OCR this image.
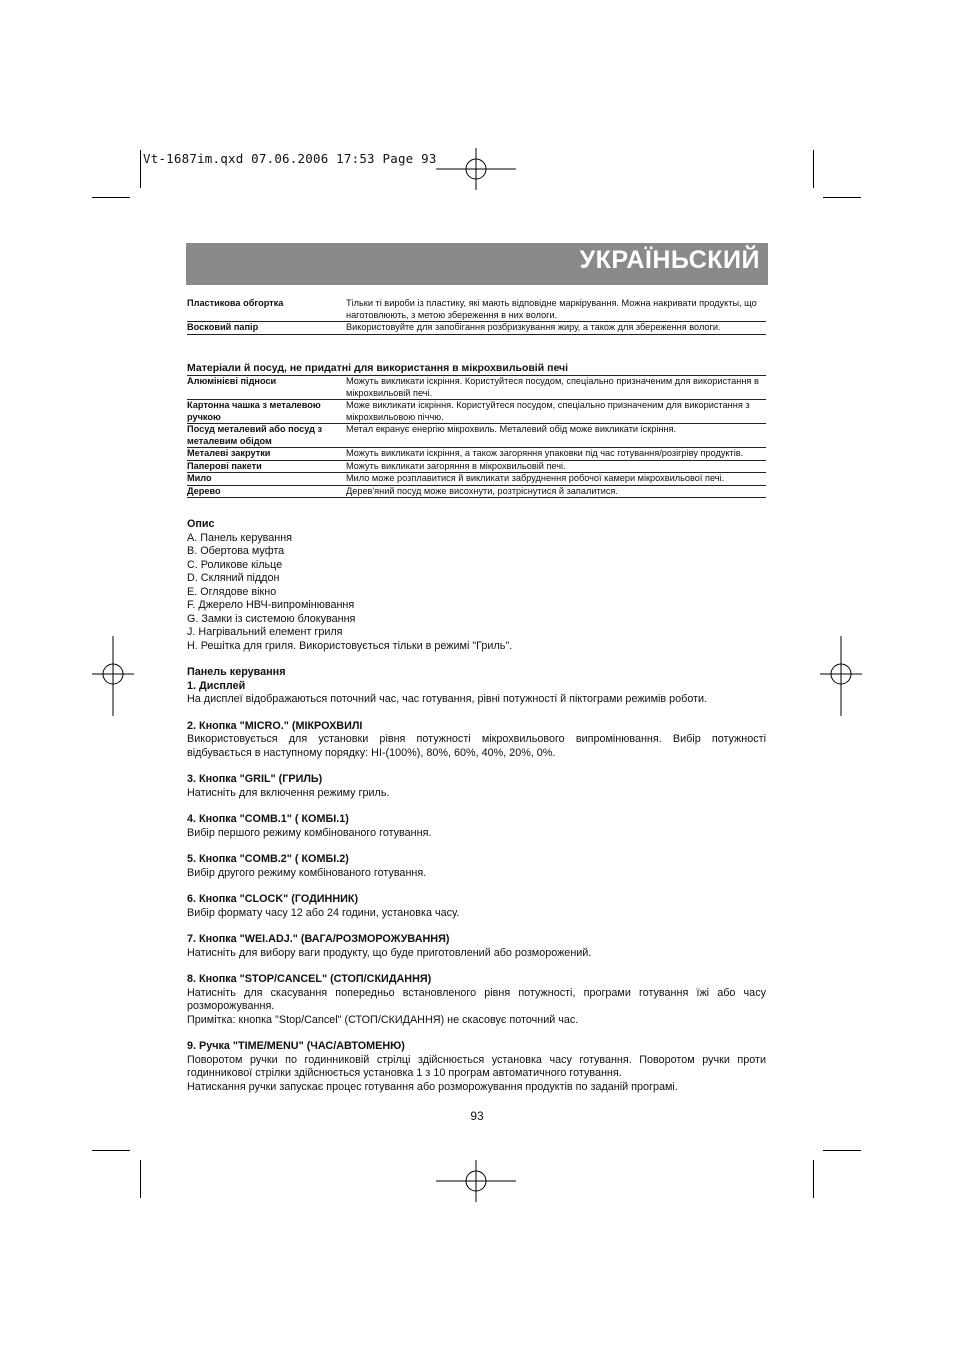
Vt-1687im.qxd 07.06.2006 17:53 Page 93
УКРАЇНЬСКИЙ
Пластикова обгортка	Тільки ті вироби із пластику, які мають відповідне маркірування. Можна накривати продукты, що наготовлюють, з метою збереження в них вологи.
Восковий папір	Використовуйте для запобігання розбризкування жиру, а також для збереження вологи.
Матеріали й посуд, не придатні для використання в мікрохвильовій печі
Алюмінієві підноси	Можуть викликати іскріння. Користуйтеся посудом, спеціально призначеним для використання в мікрохвильовій печі.
Картонна чашка з металевою ручкою	Може викликати іскріння. Користуйтеся посудом, спеціально призначеним для використання з мікрохвильовою піччю.
Посуд металевий або посуд з металевим обідом	Метал екранує енергію мікрохвиль. Металевий обід може викликати іскріння.
Металеві закрутки	Можуть викликати іскріння, а також загоряння упаковки під час готування/розігріву продуктів.
Паперові пакети	Можуть викликати загоряння в мікрохвильовій печі.
Мило	Мило може розплавитися й викликати забруднення робочої камери мікрохвильової печі.
Дерево	Дерев'яний посуд може висохнути, розтріснутися й запалитися.

Опис

A. Панель керування

B. Обертова муфта

C. Роликове кільце

D. Скляний піддон

E. Оглядове вікно

F. Джерело НВЧ-випромінювання

G. Замки із системою блокування

J. Нагрівальний елемент гриля

H. Решітка для гриля. Використовується тільки в режимі "Гриль".

Панель керування

1. Дисплей

На дисплеї відображаються поточний час, час готування, рівні потужності й піктограми режимів роботи.

2. Кнопка "MICRO." (МІКРОХВИЛІ

Використовується для установки рівня потужності мікрохвильового випромінювання. Вибір потужності

відбувається в наступному порядку: HI-(100%), 80%, 60%, 40%, 20%, 0%.

3. Кнопка "GRIL" (ГРИЛЬ)

Натисніть для включення режиму гриль.

4. Кнопка "COMB.1" ( КОМБІ.1)

Вибір першого режиму комбінованого готування.

5. Кнопка "COMB.2" ( КОМБІ.2)

Вибір другого режиму комбінованого готування.

6. Кнопка "CLOCK" (ГОДИННИК)

Вибір формату часу 12 або 24 години, установка часу.

7. Кнопка "WEI.ADJ." (ВАГА/РОЗМОРОЖУВАННЯ)

Натисніть для вибору ваги продукту, що буде приготовлений або розморожений.

8. Кнопка "STOP/CANCEL" (СТОП/СКИДАННЯ)

Натисніть для скасування попередньо встановленого рівня потужності, програми готування їжі або часу

розморожування.

Примітка: кнопка "Stop/Cancel" (СТОП/СКИДАННЯ) не скасовує поточний час.

9. Ручка "TIME/MENU" (ЧАС/АВТОМЕНЮ)

Поворотом ручки по годинниковій стрілці здійснюється установка часу готування. Поворотом ручки проти

годинникової стрілки здійснюється установка 1 з 10 програм автоматичного готування.

Натискання ручки запускає процес готування або розморожування продуктів по заданій програмі.

93
